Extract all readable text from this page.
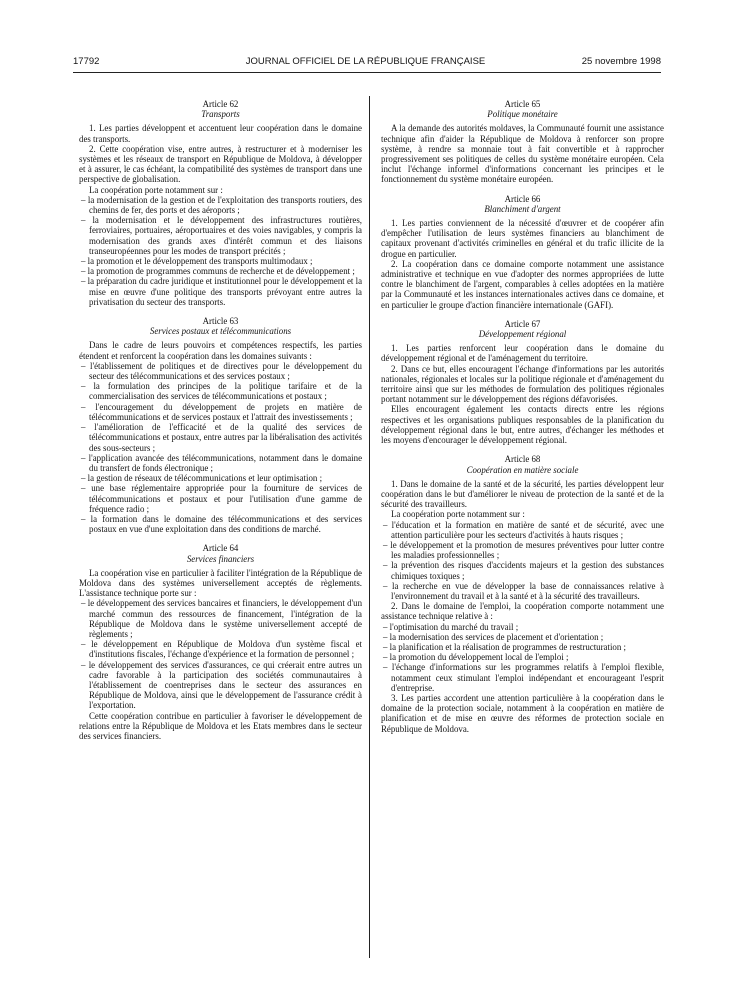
17792	JOURNAL OFFICIEL DE LA RÉPUBLIQUE FRANÇAISE	25 novembre 1998
Article 62
Transports

1. Les parties développent et accentuent leur coopération dans le domaine des transports.

2. Cette coopération vise, entre autres, à restructurer et à moderniser les systèmes et les réseaux de transport en République de Moldova, à développer et à assurer, le cas échéant, la compatibilité des systèmes de transport dans une perspective de globalisation.

La coopération porte notamment sur :

– la modernisation de la gestion et de l'exploitation des transports routiers, des chemins de fer, des ports et des aéroports ;
– la modernisation et le développement des infrastructures routières, ferroviaires, portuaires, aéroportuaires et des voies navigables, y compris la modernisation des grands axes d'intérêt commun et des liaisons transeuropéennes pour les modes de transport précités ;
– la promotion et le développement des transports multimodaux ;
– la promotion de programmes communs de recherche et de développement ;
– la préparation du cadre juridique et institutionnel pour le développement et la mise en œuvre d'une politique des transports prévoyant entre autres la privatisation du secteur des transports.
Article 63
Services postaux et télécommunications

Dans le cadre de leurs pouvoirs et compétences respectifs, les parties étendent et renforcent la coopération dans les domaines suivants :

– l'établissement de politiques et de directives pour le développement du secteur des télécommunications et des services postaux ;
– la formulation des principes de la politique tarifaire et de la commercialisation des services de télécommunications et postaux ;
– l'encouragement du développement de projets en matière de télécommunications et de services postaux et l'attrait des investissements ;
– l'amélioration de l'efficacité et de la qualité des services de télécommunications et postaux, entre autres par la libéralisation des activités des sous-secteurs ;
– l'application avancée des télécommunications, notamment dans le domaine du transfert de fonds électronique ;
– la gestion de réseaux de télécommunications et leur optimisation ;
– une base réglementaire appropriée pour la fourniture de services de télécommunications et postaux et pour l'utilisation d'une gamme de fréquence radio ;
– la formation dans le domaine des télécommunications et des services postaux en vue d'une exploitation dans des conditions de marché.
Article 64
Services financiers

La coopération vise en particulier à faciliter l'intégration de la République de Moldova dans des systèmes universellement acceptés de règlements. L'assistance technique porte sur :

– le développement des services bancaires et financiers, le développement d'un marché commun des ressources de financement, l'intégration de la République de Moldova dans le système universellement accepté de règlements ;
– le développement en République de Moldova d'un système fiscal et d'institutions fiscales, l'échange d'expérience et la formation de personnel ;
– le développement des services d'assurances, ce qui créerait entre autres un cadre favorable à la participation des sociétés communautaires à l'établissement de coentreprises dans le secteur des assurances en République de Moldova, ainsi que le développement de l'assurance crédit à l'exportation.

Cette coopération contribue en particulier à favoriser le développement de relations entre la République de Moldova et les Etats membres dans le secteur des services financiers.

Article 65
Politique monétaire

A la demande des autorités moldaves, la Communauté fournit une assistance technique afin d'aider la République de Moldova à renforcer son propre système, à rendre sa monnaie tout à fait convertible et à rapprocher progressivement ses politiques de celles du système monétaire européen. Cela inclut l'échange informel d'informations concernant les principes et le fonctionnement du système monétaire européen.

Article 66
Blanchiment d'argent

1. Les parties conviennent de la nécessité d'œuvrer et de coopérer afin d'empêcher l'utilisation de leurs systèmes financiers au blanchiment de capitaux provenant d'activités criminelles en général et du trafic illicite de la drogue en particulier.

2. La coopération dans ce domaine comporte notamment une assistance administrative et technique en vue d'adopter des normes appropriées de lutte contre le blanchiment de l'argent, comparables à celles adoptées en la matière par la Communauté et les instances internationales actives dans ce domaine, et en particulier le groupe d'action financière internationale (GAFI).

Article 67
Développement régional

1. Les parties renforcent leur coopération dans le domaine du développement régional et de l'aménagement du territoire.

2. Dans ce but, elles encouragent l'échange d'informations par les autorités nationales, régionales et locales sur la politique régionale et d'aménagement du territoire ainsi que sur les méthodes de formulation des politiques régionales portant notamment sur le développement des régions défavorisées.

Elles encouragent également les contacts directs entre les régions respectives et les organisations publiques responsables de la planification du développement régional dans le but, entre autres, d'échanger les méthodes et les moyens d'encourager le développement régional.

Article 68
Coopération en matière sociale

1. Dans le domaine de la santé et de la sécurité, les parties développent leur coopération dans le but d'améliorer le niveau de protection de la santé et de la sécurité des travailleurs.

La coopération porte notamment sur :

– l'éducation et la formation en matière de santé et de sécurité, avec une attention particulière pour les secteurs d'activités à hauts risques ;
– le développement et la promotion de mesures préventives pour lutter contre les maladies professionnelles ;
– la prévention des risques d'accidents majeurs et la gestion des substances chimiques toxiques ;
– la recherche en vue de développer la base de connaissances relative à l'environnement du travail et à la santé et à la sécurité des travailleurs.

2. Dans le domaine de l'emploi, la coopération comporte notamment une assistance technique relative à :

– l'optimisation du marché du travail ;
– la modernisation des services de placement et d'orientation ;
– la planification et la réalisation de programmes de restructuration ;
– la promotion du développement local de l'emploi ;
– l'échange d'informations sur les programmes relatifs à l'emploi flexible, notamment ceux stimulant l'emploi indépendant et encourageant l'esprit d'entreprise.

3. Les parties accordent une attention particulière à la coopération dans le domaine de la protection sociale, notamment à la coopération en matière de planification et de mise en œuvre des réformes de protection sociale en République de Moldova.
